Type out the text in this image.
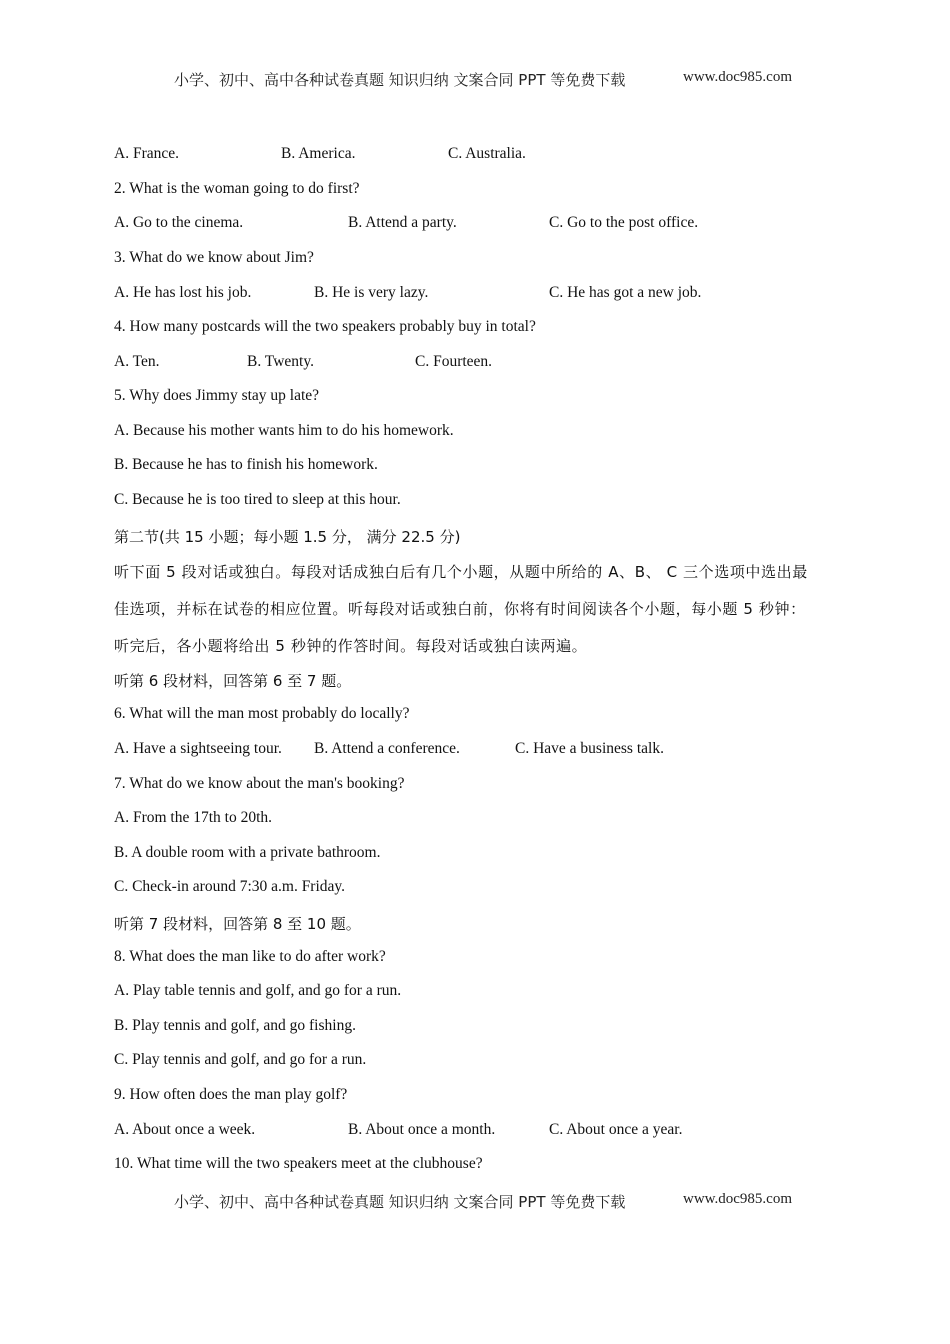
小学、初中、高中各种试卷真题 知识归纳 文案合同 PPT 等免费下载	www.doc985.com
A. France.	B. America.	C. Australia.
2. What is the woman going to do first?
A. Go to the cinema.	B. Attend a party.	C. Go to the post office.
3. What do we know about Jim?
A. He has lost his job.	B. He is very lazy.	C. He has got a new job.
4. How many postcards will the two speakers probably buy in total?
A. Ten.	B. Twenty.	C. Fourteen.
5. Why does Jimmy stay up late?
A. Because his mother wants him to do his homework.
B. Because he has to finish his homework.
C. Because he is too tired to sleep at this hour.
第二节(共 15 小题；每小题 1.5 分， 满分 22.5 分)
听下面 5 段对话或独白。每段对话成独白后有几个小题，从题中所给的 A、B、 C 三个选项中选出最
佳选项，并标在试卷的相应位置。听每段对话或独白前，你将有时间阅读各个小题，每小题 5 秒钟：
听完后，各小题将给出 5 秒钟的作答时间。每段对话或独白读两遍。
听第 6 段材料，回答第 6 至 7 题。
6. What will the man most probably do locally?
A. Have a sightseeing tour. B. Attend a conference.	C. Have a business talk.
7. What do we know about the man's booking?
A. From the 17th to 20th.
B. A double room with a private bathroom.
C. Check-in around 7:30 a.m. Friday.
听第 7 段材料，回答第 8 至 10 题。
8. What does the man like to do after work?
A. Play table tennis and golf, and go for a run.
B. Play tennis and golf, and go fishing.
C. Play tennis and golf, and go for a run.
9. How often does the man play golf?
A. About once a week.	B. About once a month.	C. About once a year.
10. What time will the two speakers meet at the clubhouse?
小学、初中、高中各种试卷真题 知识归纳 文案合同 PPT 等免费下载	www.doc985.com
